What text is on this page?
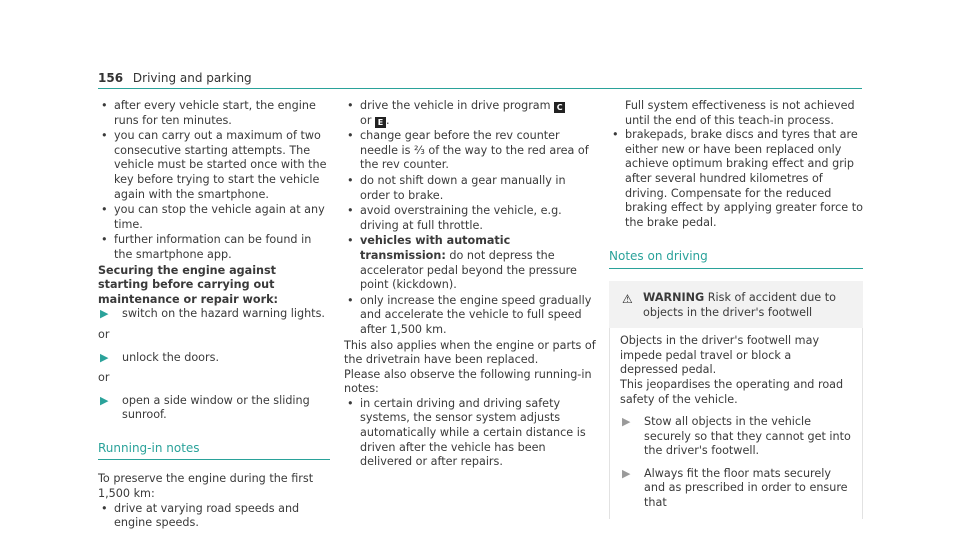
156 Driving and parking
• after every vehicle start, the engine runs for ten minutes.
• you can carry out a maximum of two consecutive starting attempts. The vehicle must be started once with the key before trying to start the vehicle again with the smartphone.
• you can stop the vehicle again at any time.
• further information can be found in the smartphone app.

Securing the engine against starting before carrying out maintenance or repair work:

▶ switch on the hazard warning lights.

or

▶ unlock the doors.

or

▶ open a side window or the sliding sunroof.

Running-in notes

To preserve the engine during the first 1,500 km:

• drive at varying road speeds and engine speeds.
• drive the vehicle in drive program C
or E .
• change gear before the rev counter needle is ⅔ of the way to the red area of the rev counter.
• do not shift down a gear manually in order to brake.
• avoid overstraining the vehicle, e.g. driving at full throttle.
• vehicles with automatic transmission: do not depress the accelerator pedal beyond the pressure point (kickdown).
• only increase the engine speed gradually and accelerate the vehicle to full speed after 1,500 km.

This also applies when the engine or parts of the drivetrain have been replaced.

Please also observe the following running-in notes:

• in certain driving and driving safety systems, the sensor system adjusts automatically while a certain distance is driven after the vehicle has been delivered or after repairs.

Full system effectiveness is not achieved until the end of this teach-in process.

• brakepads, brake discs and tyres that are either new or have been replaced only achieve optimum braking effect and grip after several hundred kilometres of driving. Compensate for the reduced braking effect by applying greater force to the brake pedal.

Notes on driving

⚠ WARNING Risk of accident due to objects in the driver's footwell

Objects in the driver's footwell may impede pedal travel or block a depressed pedal.

This jeopardises the operating and road safety of the vehicle.

▶ Stow all objects in the vehicle securely so that they cannot get into the driver's footwell.

▶ Always fit the floor mats securely and as prescribed in order to ensure that
